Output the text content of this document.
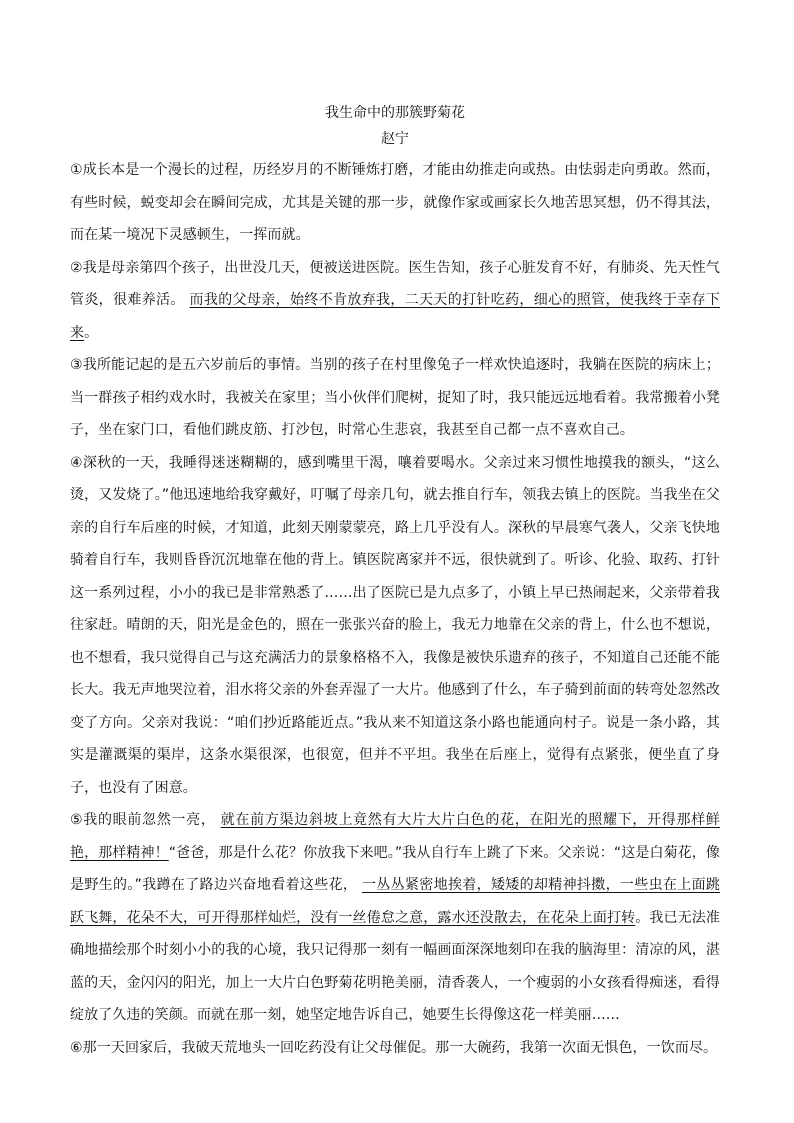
我生命中的那簇野菊花
赵宁

①成长本是一个漫长的过程，历经岁月的不断锤炼打磨，才能由幼推走向或热。由怯弱走向勇敢。然而，有些时候，蜕变却会在瞬间完成，尤其是关键的那一步，就像作家或画家长久地苦思冥想，仍不得其法，而在某一境况下灵感顿生，一挥而就。

②我是母亲第四个孩子，出世没几天，便被送进医院。医生告知，孩子心脏发育不好，有肺炎、先天性气管炎，很难养活。 而我的父母亲，始终不肯放弃我，二天天的打针吃药，细心的照管，使我终于幸存下来。

③我所能记起的是五六岁前后的事情。当别的孩子在村里像兔子一样欢快追逐时，我躺在医院的病床上；当一群孩子相约戏水时，我被关在家里；当小伙伴们爬树，捉知了时，我只能远远地看着。我常搬着小凳子，坐在家门口，看他们跳皮筋、打沙包，时常心生悲哀，我甚至自己都一点不喜欢自己。

④深秋的一天，我睡得迷迷糊糊的，感到嘴里干渴，嚷着要喝水。父亲过来习惯性地摸我的额头，“这么烫，又发烧了。”他迅速地给我穿戴好，叮嘱了母亲几句，就去推自行车，领我去镇上的医院。当我坐在父亲的自行车后座的时候，才知道，此刻天刚蒙蒙亮，路上几乎没有人。深秋的早晨寒气袭人，父亲飞快地骑着自行车，我则昏昏沉沉地靠在他的背上。镇医院离家并不远，很快就到了。听诊、化验、取药、打针这一系列过程，小小的我已是非常熟悉了……出了医院已是九点多了，小镇上早已热闹起来，父亲带着我往家赶。晴朗的天，阳光是金色的，照在一张张兴奋的脸上，我无力地靠在父亲的背上，什么也不想说，也不想看，我只觉得自己与这充满活力的景象格格不入，我像是被快乐遗弃的孩子，不知道自己还能不能长大。我无声地哭泣着，泪水将父亲的外套弄湿了一大片。他感到了什么，车子骑到前面的转弯处忽然改变了方向。父亲对我说：“咱们抄近路能近点。”我从来不知道这条小路也能通向村子。说是一条小路，其实是灌溉渠的渠岸，这条水渠很深，也很宽，但并不平坦。我坐在后座上，觉得有点紧张，便坐直了身子，也没有了困意。

⑤我的眼前忽然一亮， 就在前方渠边斜坡上竟然有大片大片白色的花，在阳光的照耀下，开得那样鲜艳，那样精神！“爸爸，那是什么花？你放我下来吧。”我从自行车上跳了下来。父亲说：“这是白菊花，像是野生的。”我蹲在了路边兴奋地看着这些花， 一丛丛紧密地挨着，矮矮的却精神抖擞，一些虫在上面跳跃飞舞，花朵不大，可开得那样灿烂，没有一丝倦怠之意，露水还没散去，在花朵上面打转。我已无法准确地描绘那个时刻小小的我的心境，我只记得那一刻有一幅画面深深地刻印在我的脑海里：清凉的风，湛蓝的天，金闪闪的阳光，加上一大片白色野菊花明艳美丽，清香袭人，一个瘦弱的小女孩看得痴迷，看得绽放了久违的笑颜。而就在那一刻，她坚定地告诉自己，她要生长得像这花一样美丽……

⑥那一天回家后，我破天荒地头一回吃药没有让父母催促。那一大碗药，我第一次面无惧色，一饮而尽。
